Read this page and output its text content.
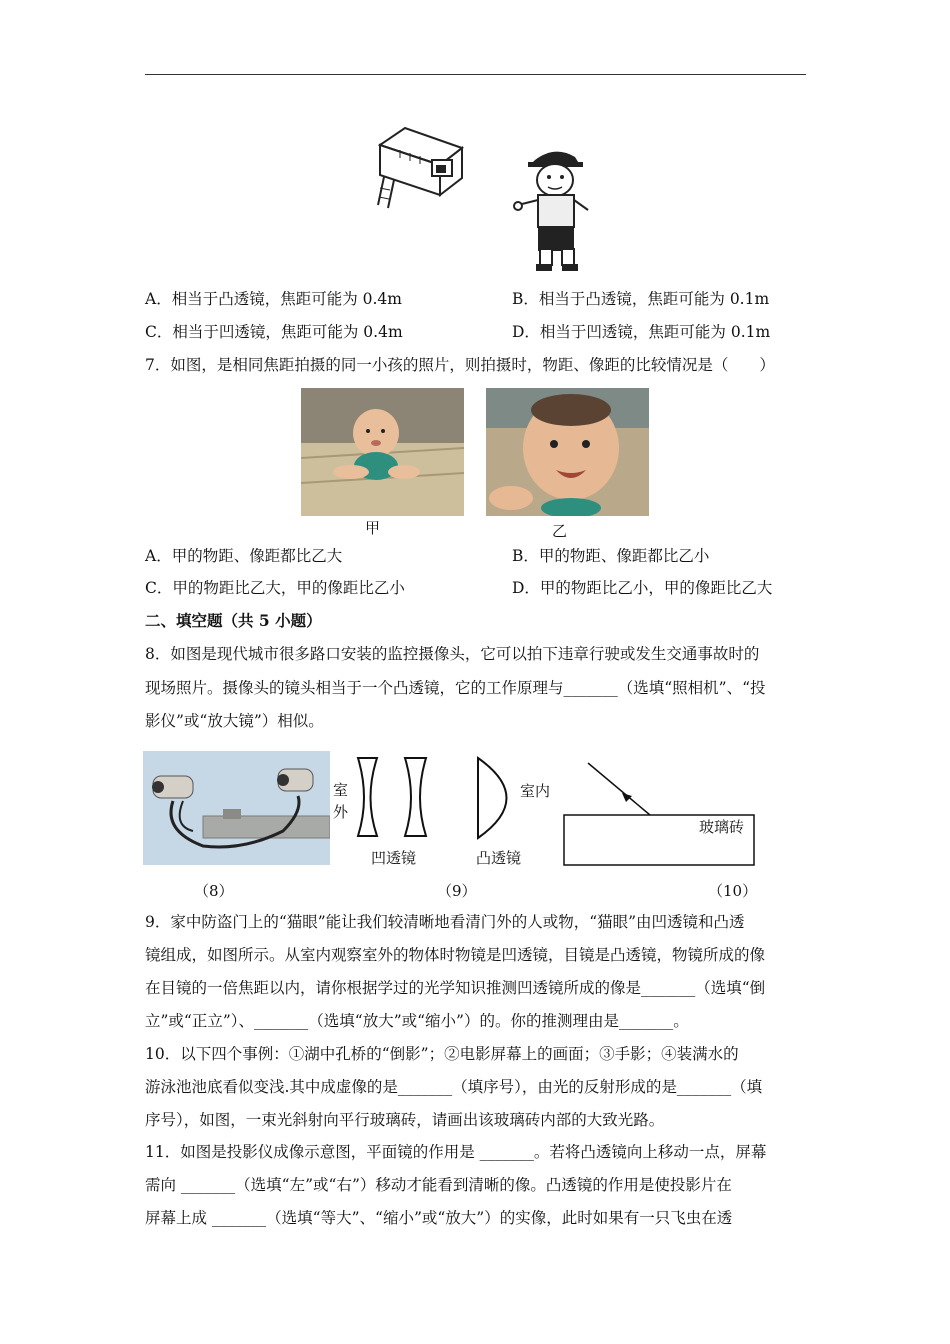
A．相当于凸透镜，焦距可能为 0.4m	B．相当于凸透镜，焦距可能为 0.1m
C．相当于凹透镜，焦距可能为 0.4m	D．相当于凹透镜，焦距可能为 0.1m
7．如图，是相同焦距拍摄的同一小孩的照片，则拍摄时，物距、像距的比较情况是（　　）
甲	乙
A．甲的物距、像距都比乙大	B．甲的物距、像距都比乙小
C．甲的物距比乙大，甲的像距比乙小	D．甲的物距比乙小，甲的像距比乙大
二、填空题（共 5 小题）
8．如图是现代城市很多路口安装的监控摄像头，它可以拍下违章行驶或发生交通事故时的
现场照片。摄像头的镜头相当于一个凸透镜，它的工作原理与_______（选填“照相机”、“投
影仪”或“放大镜”）相似。
室外
室内
凹透镜	凸透镜
玻璃砖
（8）	（9）	（10）
9．家中防盗门上的“猫眼”能让我们较清晰地看清门外的人或物，“猫眼”由凹透镜和凸透
镜组成，如图所示。从室内观察室外的物体时物镜是凹透镜，目镜是凸透镜，物镜所成的像
在目镜的一倍焦距以内，请你根据学过的光学知识推测凹透镜所成的像是_______（选填“倒
立”或“正立”）、_______（选填“放大”或“缩小”）的。你的推测理由是_______。
10．以下四个事例：①湖中孔桥的“倒影”；②电影屏幕上的画面；③手影；④装满水的
游泳池池底看似变浅.其中成虚像的是_______（填序号），由光的反射形成的是_______（填
序号），如图，一束光斜射向平行玻璃砖，请画出该玻璃砖内部的大致光路。
11．如图是投影仪成像示意图，平面镜的作用是 _______。若将凸透镜向上移动一点，屏幕
需向 _______（选填“左”或“右”）移动才能看到清晰的像。凸透镜的作用是使投影片在
屏幕上成 _______（选填“等大”、“缩小”或“放大”）的实像，此时如果有一只飞虫在透
